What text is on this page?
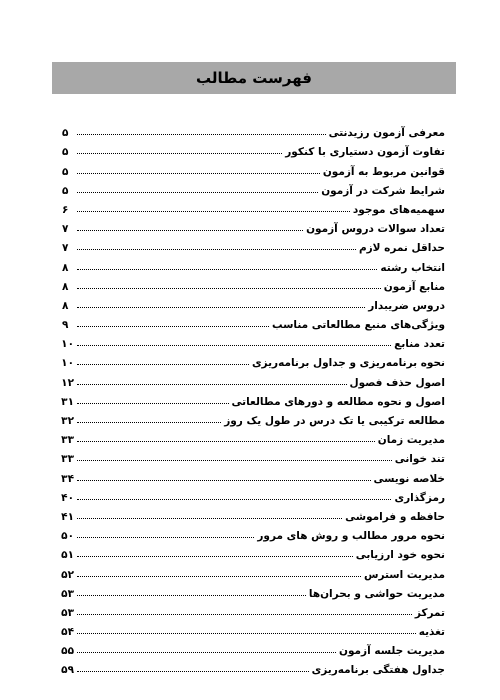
فهرست مطالب
معرفی آزمون رزیدنتی
۵
تفاوت آزمون دستیاری با کنکور
۵
قوانین مربوط به آزمون
۵
شرایط شرکت در آزمون
۵
سهمیه‌های موجود
۶
تعداد سوالات دروس آزمون
۷
حداقل نمره لازم
۷
انتخاب رشته
۸
منابع آزمون
۸
دروس ضریبدار
۸
ویژگی‌های منبع مطالعاتی مناسب
۹
تعدد منابع
۱۰
نحوه برنامه‌ریزی و جداول برنامه‌ریزی
۱۰
اصول حذف فصول
۱۲
اصول و نحوه مطالعه و دورهای مطالعاتی
۳۱
مطالعه ترکیبی یا تک درس در طول یک روز
۳۲
مدیریت زمان
۳۳
تند خوانی
۳۳
خلاصه نویسی
۳۴
رمزگذاری
۴۰
حافظه و فراموشی
۴۱
نحوه مرور مطالب و روش های مرور
۵۰
نحوه خود ارزیابی
۵۱
مدیریت استرس
۵۲
مدیریت حواشی و بحران‌ها
۵۳
تمرکز
۵۳
تغذیه
۵۴
مدیریت جلسه آزمون
۵۵
جداول هفتگی برنامه‌ریزی
۵۹
